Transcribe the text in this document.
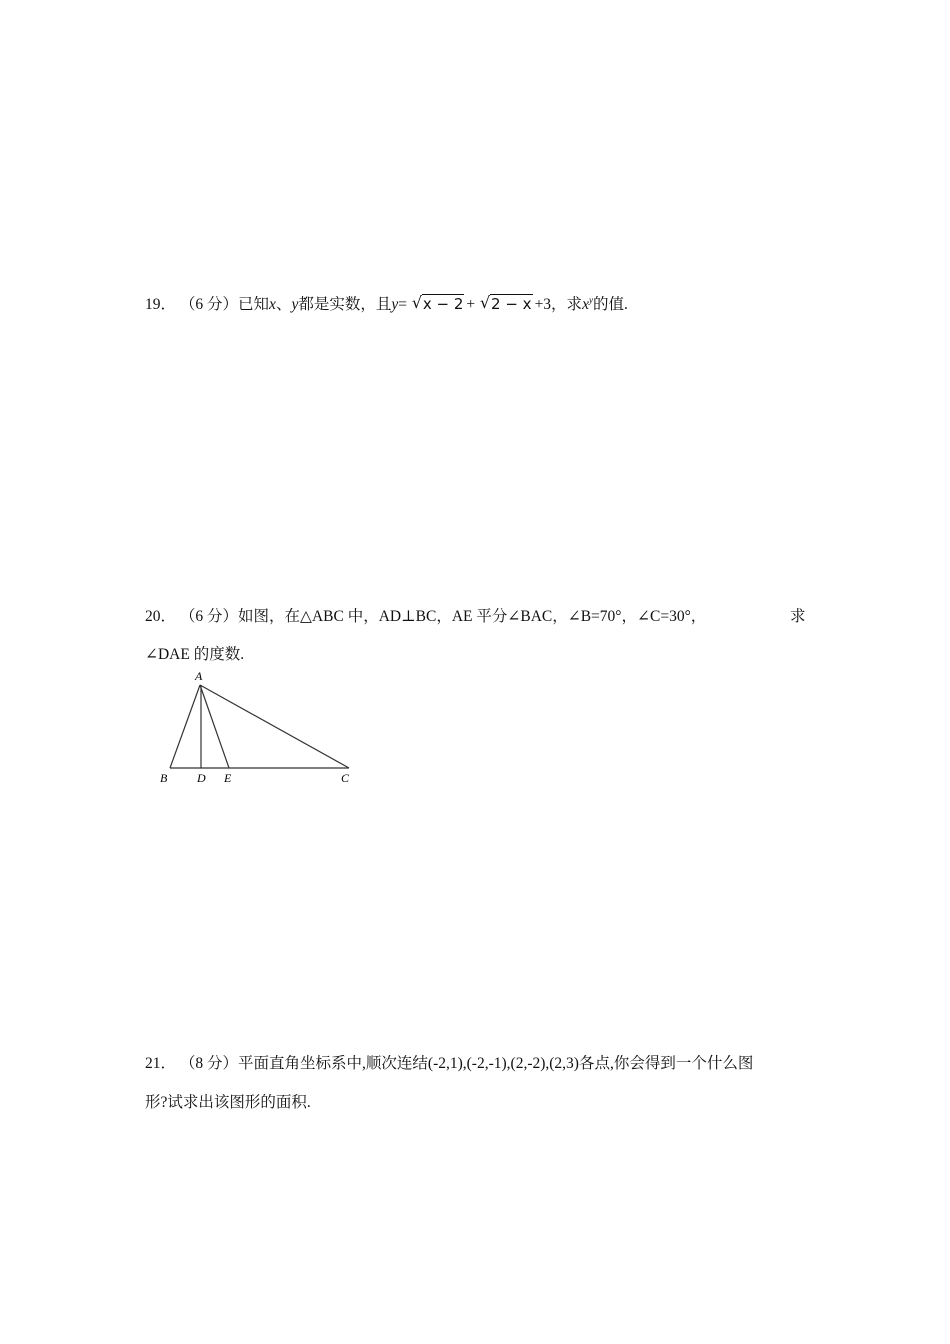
19． （6 分）已知x、y都是实数，且y= √ x − 2 + √ 2 − x +3，求$x^y$的值.
20． （6 分）如图，在△ABC 中，AD⊥BC，AE 平分∠BAC，∠B=70°，∠C=30°，	求
∠DAE 的度数.
A
B D E	C
21． （8 分）平面直角坐标系中,顺次连结(-2,1),(-2,-1),(2,-2),(2,3)各点,你会得到一个什么图
形?试求出该图形的面积.
